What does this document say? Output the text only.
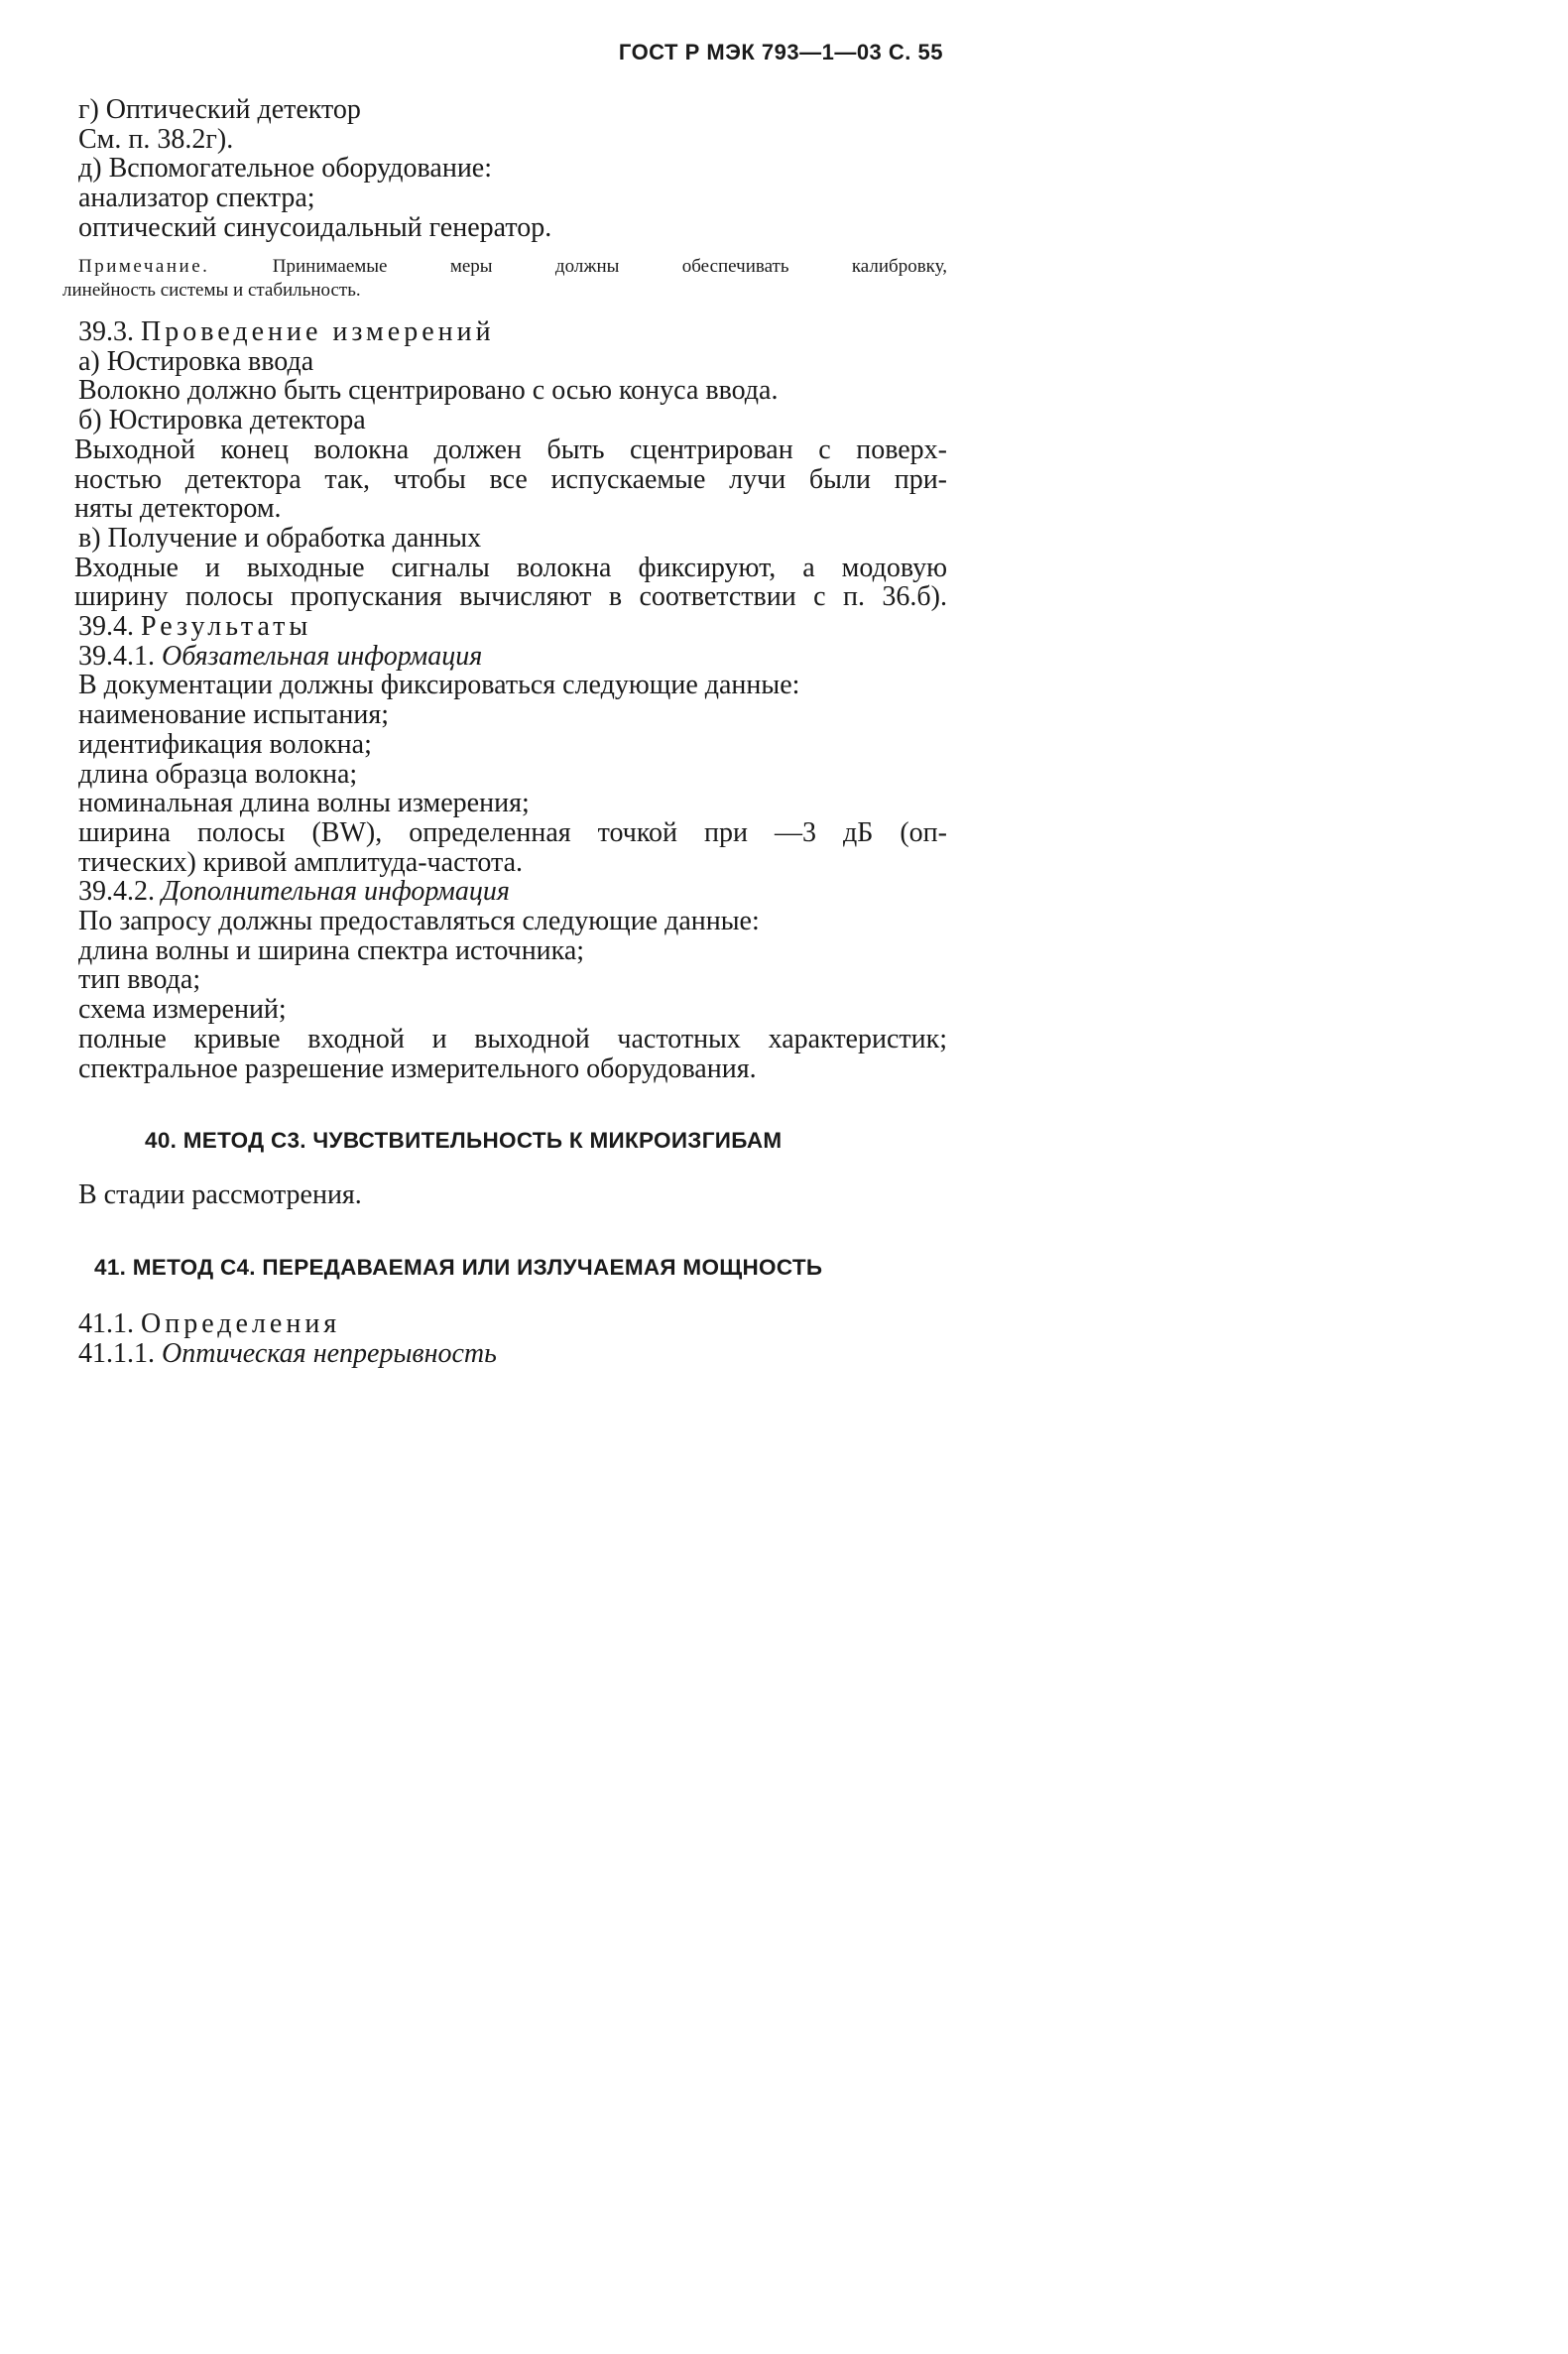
ГОСТ Р МЭК 793—1—03 С. 55
г) Оптический детектор
См. п. 38.2г).
д) Вспомогательное оборудование:
анализатор спектра;
оптический синусоидальный генератор.
Примечание.	Принимаемые меры должны обеспечивать калибровку,
линейность системы и стабильность.
39.3. Проведение измерений
а) Юстировка ввода
Волокно должно быть сцентрировано с осью конуса ввода.
б) Юстировка детектора
Выходной конец волокна должен быть сцентрирован с поверх-
ностью детектора так, чтобы все испускаемые лучи были при-
няты детектором.
в) Получение и обработка данных
Входные и выходные сигналы волокна фиксируют, а модовую
ширину полосы пропускания вычисляют в соответствии с п. 36.б).
39.4. Результаты
39.4.1. Обязательная информация
В документации должны фиксироваться следующие данные:
наименование испытания;
идентификация волокна;
длина образца волокна;
номинальная длина волны измерения;
ширина полосы (ВW), определенная точкой при —3 дБ (оп-
тических) кривой амплитуда-частота.
39.4.2. Дополнительная информация
По запросу должны предоставляться следующие данные:
длина волны и ширина спектра источника;
тип ввода;
схема измерений;
полные кривые входной и выходной частотных характеристик;
спектральное разрешение измерительного оборудования.
40. МЕТОД С3. ЧУВСТВИТЕЛЬНОСТЬ К МИКРОИЗГИБАМ
В стадии рассмотрения.
41. МЕТОД С4. ПЕРЕДАВАЕМАЯ ИЛИ ИЗЛУЧАЕМАЯ МОЩНОСТЬ
41.1. Определения
41.1.1. Оптическая непрерывность
